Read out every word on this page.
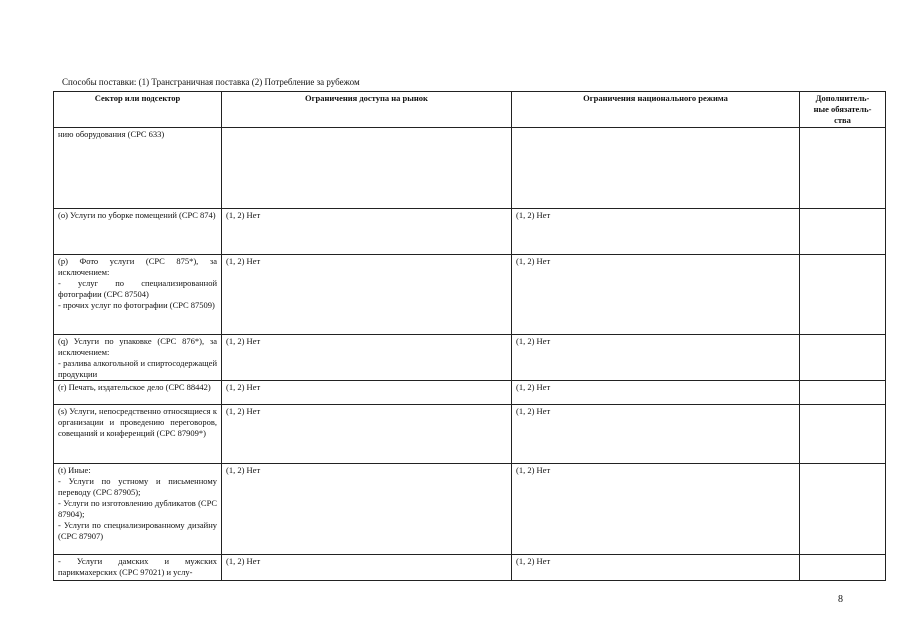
Способы поставки: (1) Трансграничная поставка (2) Потребление за рубежом
Сектор или подсектор	Ограничения доступа на рынок	Ограничения национального режима	Дополнитель-
ные обязатель-
ства
нию оборудования (CPC 633)			
(o) Услуги по уборке помещений (CPC 874)	(1, 2) Нет	(1, 2) Нет	
(p) Фото услуги (CPC 875*), за исключением:
- услуг по специализированной фотографии (CPC 87504)
- прочих услуг по фотографии (CPC 87509)	(1, 2) Нет	(1, 2) Нет	
(q) Услуги по упаковке (CPC 876*), за исключением:
- разлива алкогольной и спиртосодержащей продукции	(1, 2) Нет	(1, 2) Нет	
(r) Печать, издательское дело (CPC 88442)	(1, 2) Нет	(1, 2) Нет	
(s) Услуги, непосредственно относящиеся к организации и проведению переговоров, совещаний и конференций (CPC 87909*)	(1, 2) Нет	(1, 2) Нет	
(t) Иные:
- Услуги по устному и письменному переводу (CPC 87905);
- Услуги по изготовлению дубликатов (CPC 87904);
- Услуги по специализированному дизайну (CPC 87907)	(1, 2) Нет	(1, 2) Нет	
- Услуги дамских и мужских парикмахерских (CPC 97021) и услу-	(1, 2) Нет	(1, 2) Нет	
8
